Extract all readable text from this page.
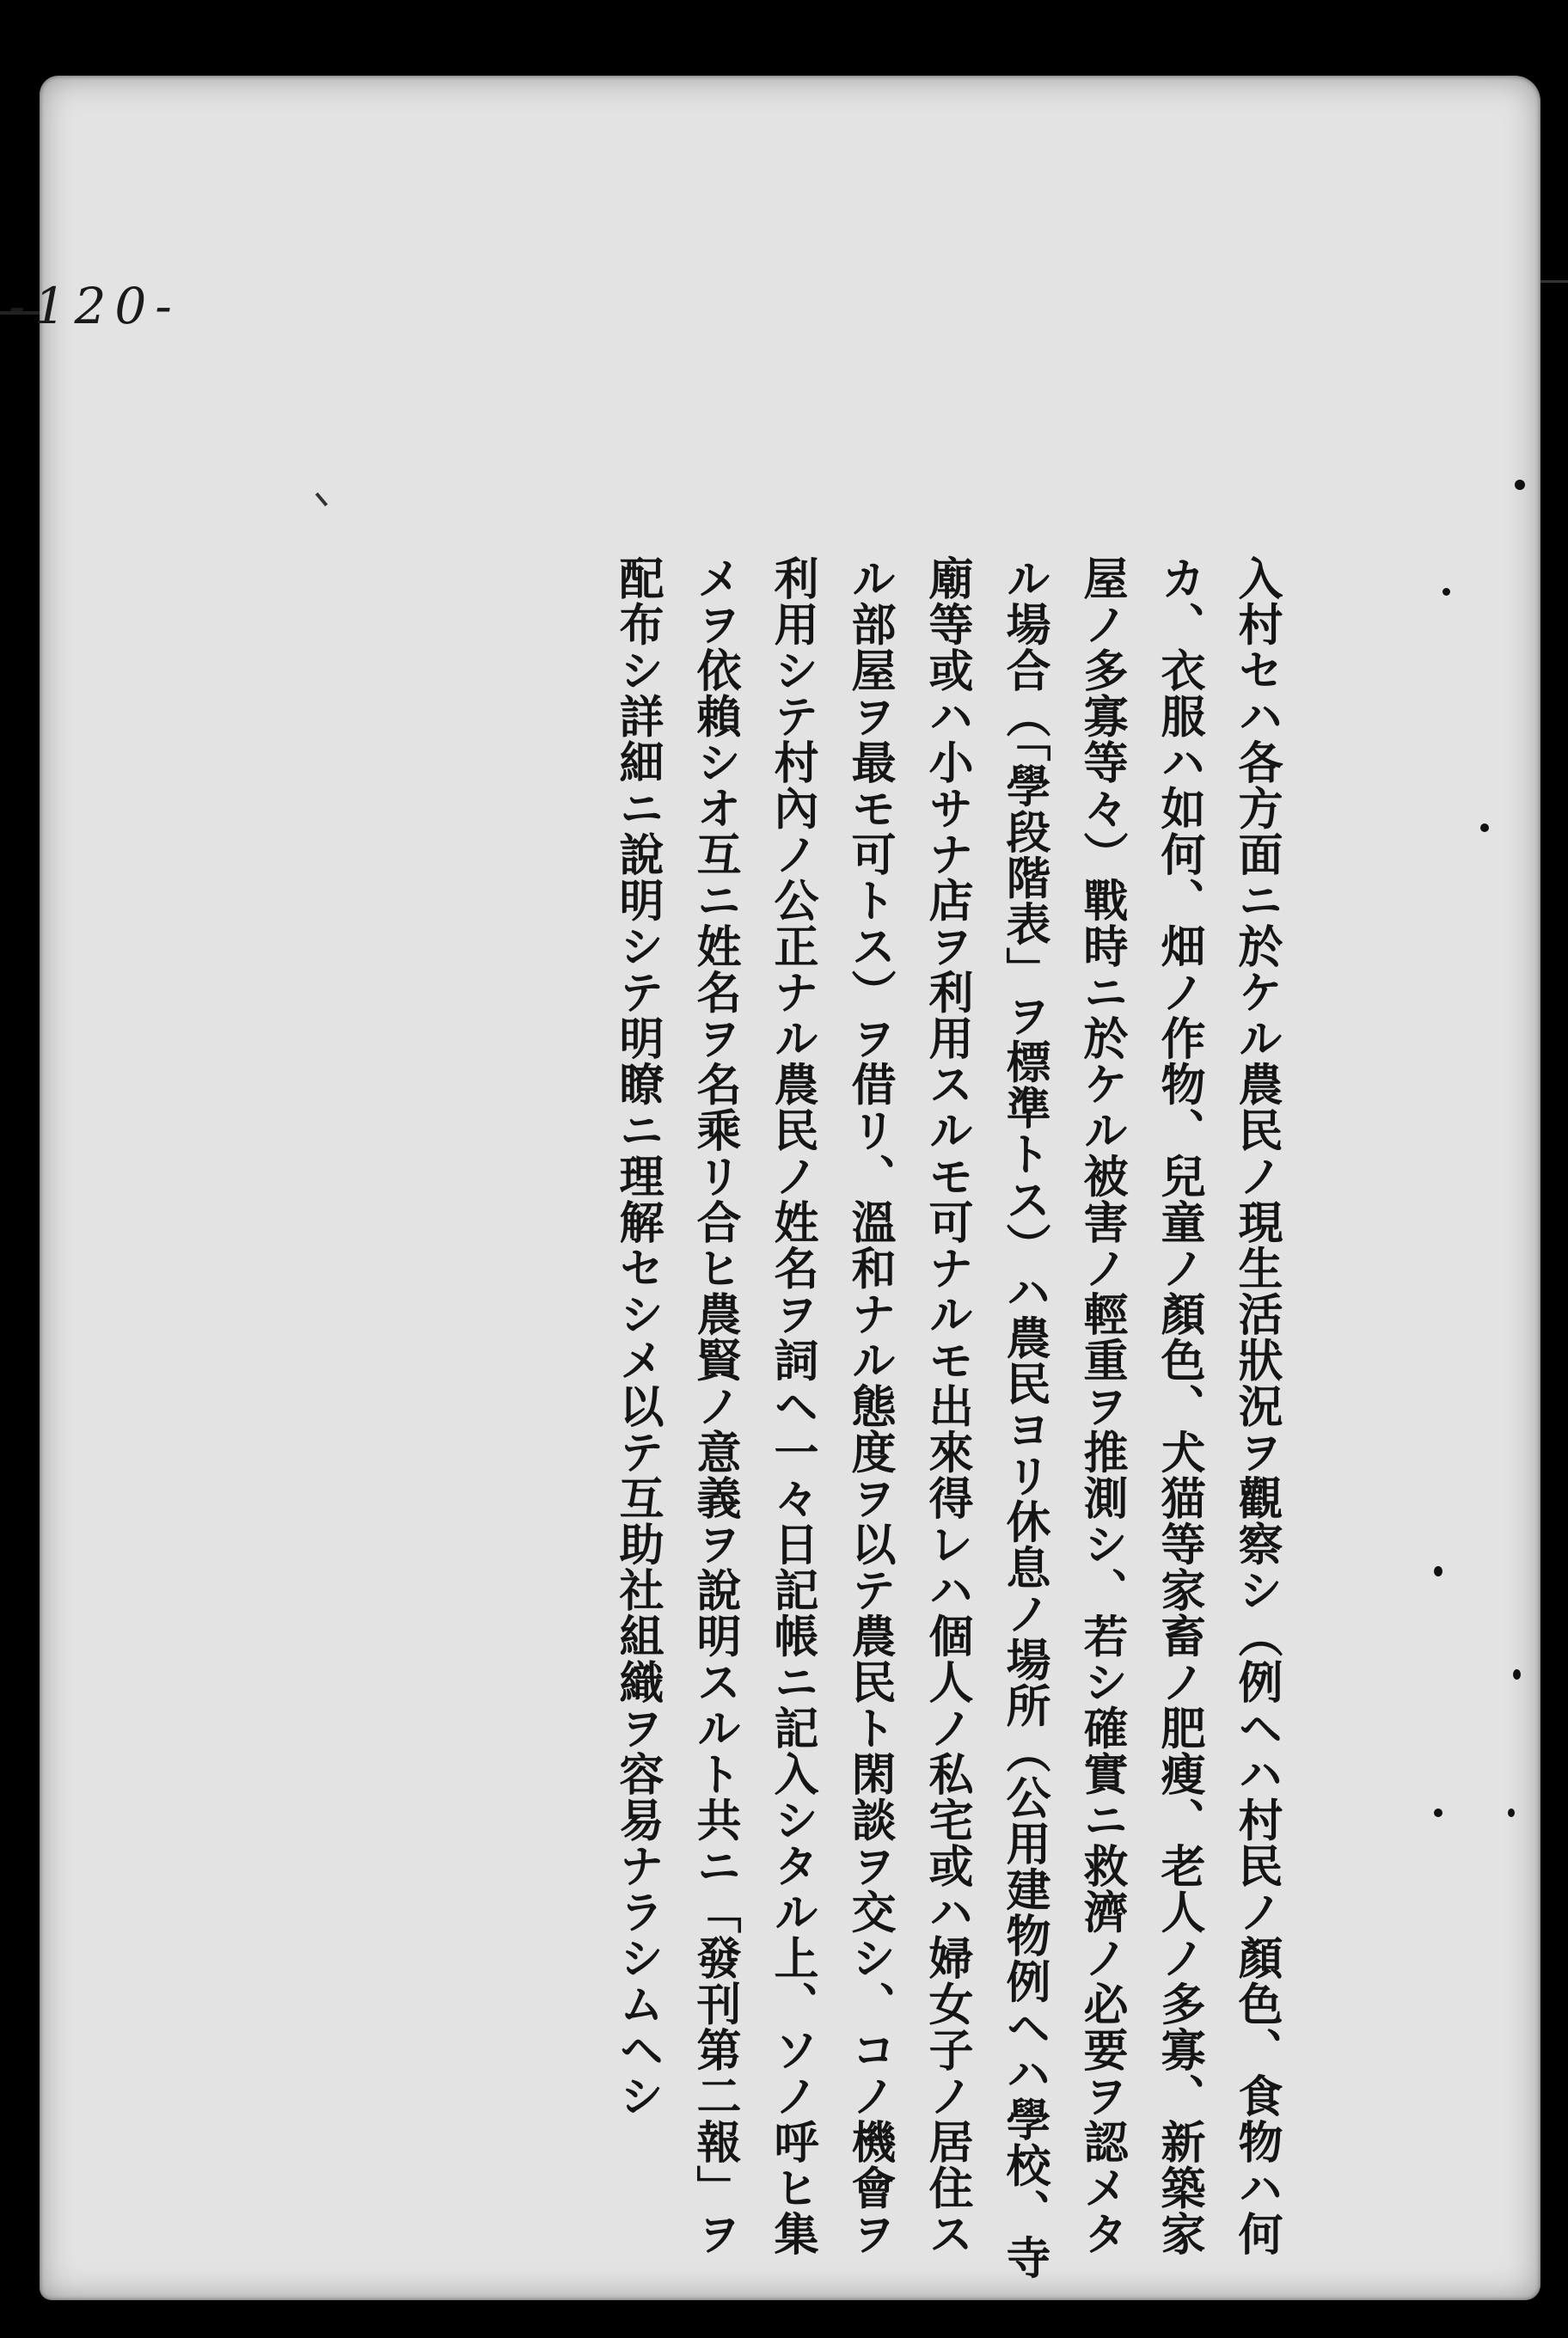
入村セハ各方面ニ於ケル農民ノ現生活狀況ヲ觀察シ（例ヘハ村民ノ顏色、食物ハ何カ、衣服ハ如何、畑ノ作物、兒童ノ顏色、犬猫等家畜ノ肥瘦、老人ノ多寡、新築家屋ノ多寡等々）戰時ニ於ケル被害ノ輕重ヲ推測シ、若シ確實ニ救濟ノ必要ヲ認メタル場合（「學段階表」ヲ標準トス）ハ農民ヨリ休息ノ場所（公用建物例ヘハ學校、寺廟等或ハ小サナ店ヲ利用スルモ可ナルモ出來得レハ個人ノ私宅或ハ婦女子ノ居住スル部屋ヲ最モ可トス）ヲ借リ、溫和ナル態度ヲ以テ農民ト閑談ヲ交シ、コノ機會ヲ利用シテ村內ノ公正ナル農民ノ姓名ヲ詞ヘ一々日記帳ニ記入シタル上、ソノ呼ヒ集メヲ依賴シオ互ニ姓名ヲ名乘リ合ヒ農賢ノ意義ヲ說明スルト共ニ「發刊第二報」ヲ配布シ詳細ニ說明シテ明瞭ニ理解セシメ以テ互助社組織ヲ容易ナラシムヘシ
-120-
